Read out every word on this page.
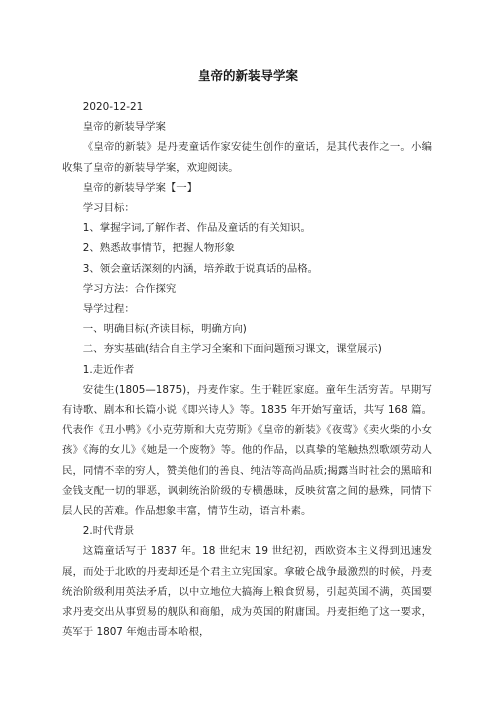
皇帝的新装导学案

2020-12-21

皇帝的新装导学案

《皇帝的新装》是丹麦童话作家安徒生创作的童话，是其代表作之一。小编收集了皇帝的新装导学案，欢迎阅读。

皇帝的新装导学案【一】

学习目标：

1、掌握字词,了解作者、作品及童话的有关知识。

2、熟悉故事情节，把握人物形象

3、领会童话深刻的内涵，培养敢于说真话的品格。

学习方法：合作探究

导学过程：

一、明确目标(齐读目标，明确方向)

二、夯实基础(结合自主学习全案和下面问题预习课文，课堂展示)

1.走近作者

安徒生(1805—1875)，丹麦作家。生于鞋匠家庭。童年生活穷苦。早期写有诗歌、剧本和长篇小说《即兴诗人》等。1835 年开始写童话，共写 168 篇。代表作《丑小鸭》《小克劳斯和大克劳斯》《皇帝的新装》《夜莺》《卖火柴的小女孩》《海的女儿》《她是一个废物》等。他的作品，以真挚的笔触热烈歌颂劳动人民，同情不幸的穷人，赞美他们的善良、纯洁等高尚品质;揭露当时社会的黑暗和金钱支配一切的罪恶，讽刺统治阶级的专横愚昧，反映贫富之间的悬殊，同情下层人民的苦难。作品想象丰富，情节生动，语言朴素。

2.时代背景

这篇童话写于 1837 年。18 世纪末 19 世纪初，西欧资本主义得到迅速发展，而处于北欧的丹麦却还是个君主立宪国家。拿破仑战争最激烈的时候，丹麦统治阶级利用英法矛盾，以中立地位大搞海上粮食贸易，引起英国不满，英国要求丹麦交出从事贸易的舰队和商船，成为英国的附庸国。丹麦拒绝了这一要求，英军于 1807 年炮击哥本哈根，
